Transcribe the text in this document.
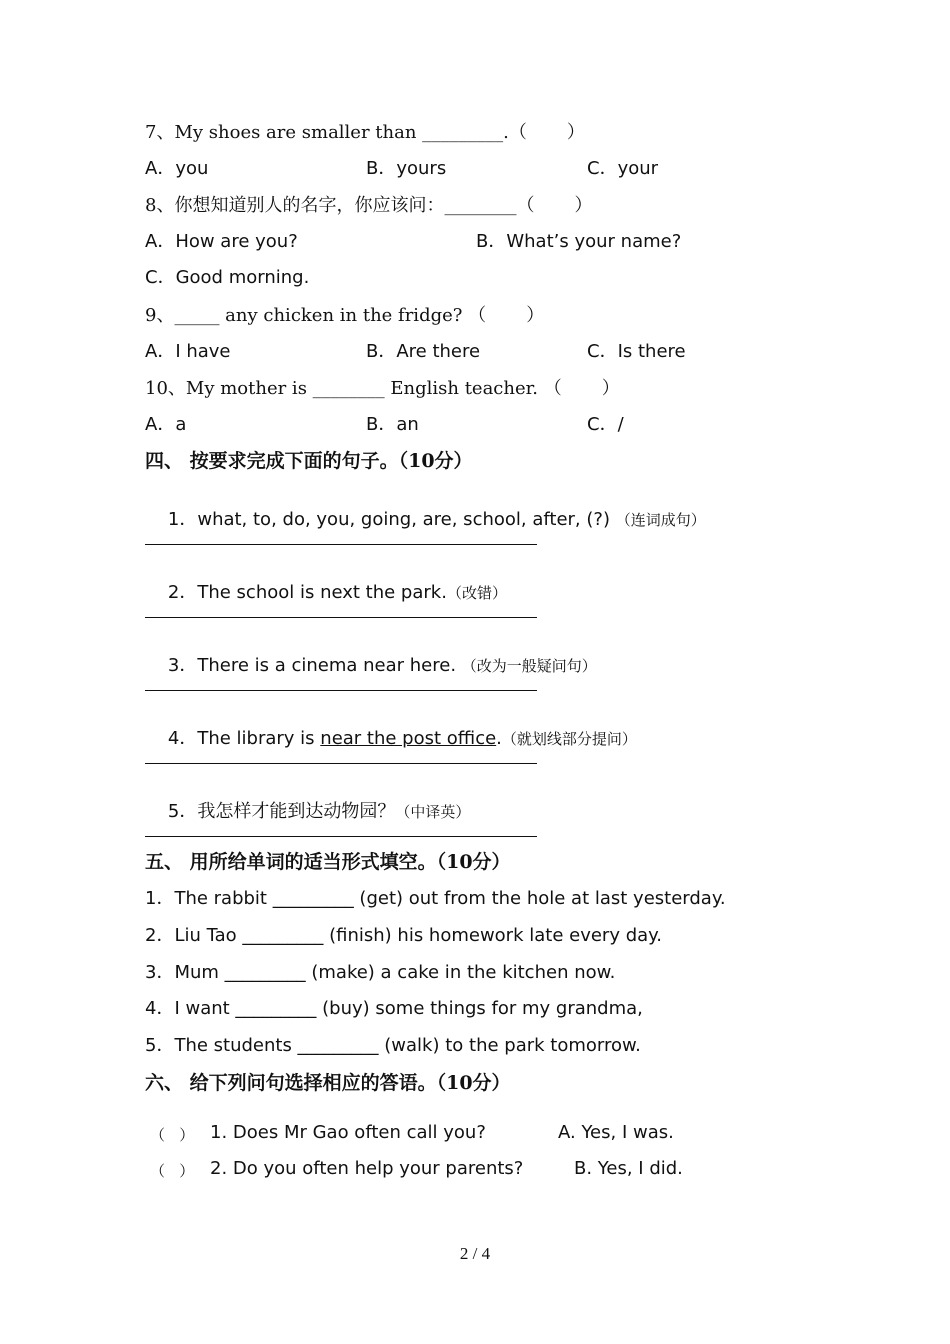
7、My shoes are smaller than _________.（       ）
A．you	B．yours	C．your
8、你想知道别人的名字，你应该问：________（       ）
A．How are you?	B．What’s your name?
C．Good morning.
9、_____ any chicken in the fridge? （       ）
A．I have	B．Are there	C．Is there
10、My mother is ________ English teacher. （       ）
A．a	B．an	C．/
四、 按要求完成下面的句子。（10分）

1．what, to, do, you, going, are, school, after, (?) （连词成句）

2．The school is next the park.（改错）

3．There is a cinema near here. （改为一般疑问句）

4．The library is near the post office.（就划线部分提问）

5．我怎样才能到达动物园？（中译英）

五、 用所给单词的适当形式填空。（10分）
1．The rabbit _________ (get) out from the hole at last yesterday.
2．Liu Tao _________ (finish) his homework late every day.
3．Mum _________ (make) a cake in the kitchen now.
4．I want _________ (buy) some things for my grandma,
5．The students _________ (walk) to the park tomorrow.
六、 给下列问句选择相应的答语。（10分）
（   ） 1. Does Mr Gao often call you?	A. Yes, I was.
（   ） 2. Do you often help your parents?	B. Yes, I did.
2 / 4
